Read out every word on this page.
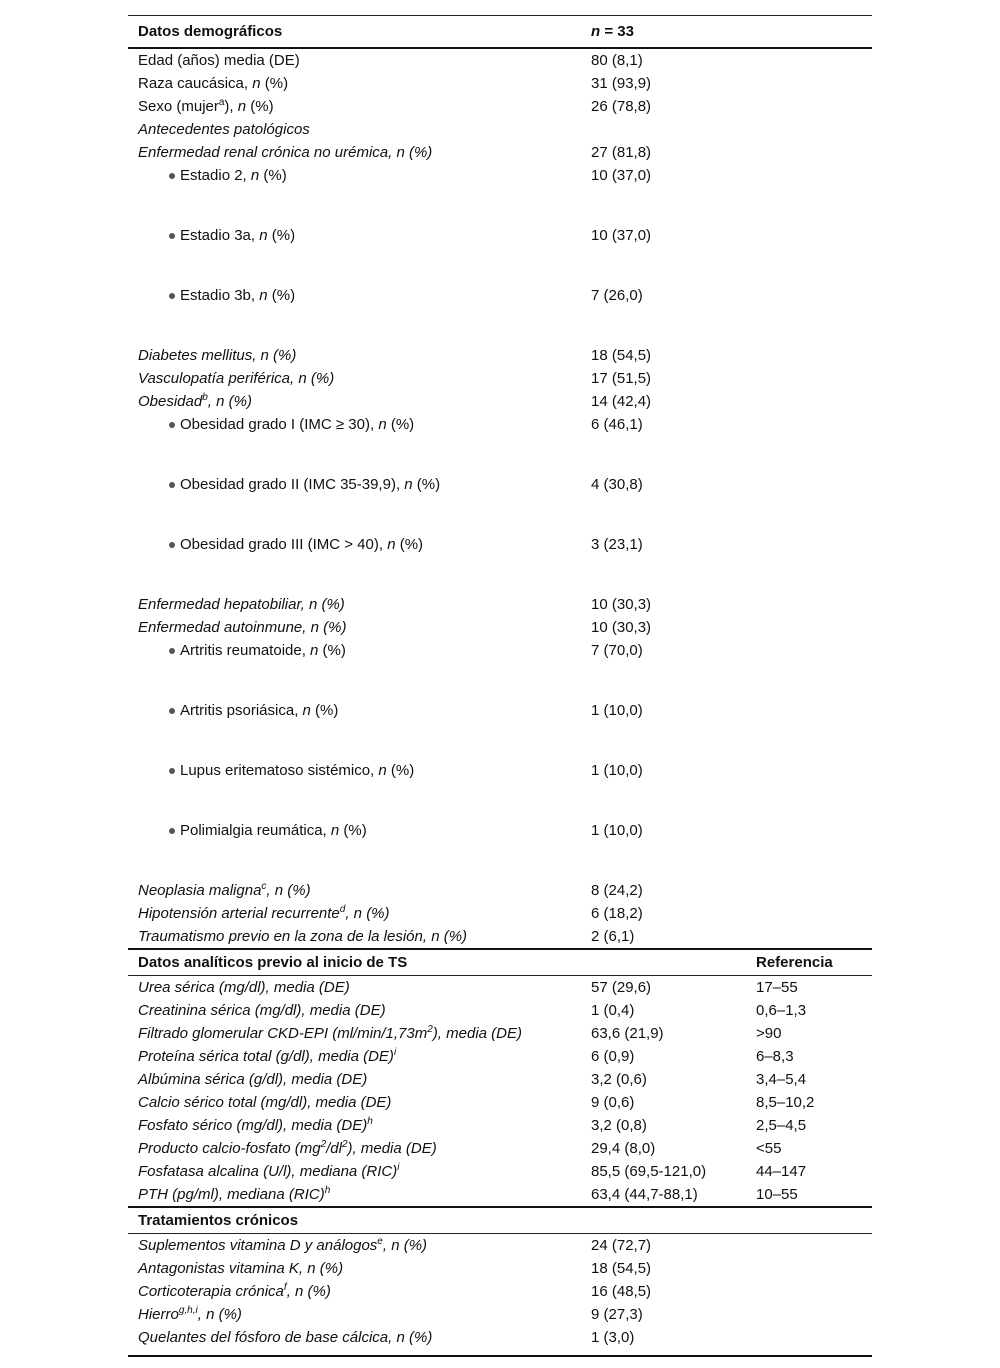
Datos demográficos	n = 33
Edad (años) media (DE)	80 (8,1)
Raza caucásica, n (%)	31 (93,9)
Sexo (mujer$^a$), n (%)	26 (78,8)
Antecedentes patológicos
Enfermedad renal crónica no urémica, n (%)	27 (81,8)
Estadio 2, n (%)	10 (37,0)
Estadio 3a, n (%)	10 (37,0)
Estadio 3b, n (%)	7 (26,0)
Diabetes mellitus, n (%)	18 (54,5)
Vasculopatía periférica, n (%)	17 (51,5)
Obesidad$^b$, n (%)	14 (42,4)
Obesidad grado I (IMC ≥ 30), n (%)	6 (46,1)
Obesidad grado II (IMC 35-39,9), n (%)	4 (30,8)
Obesidad grado III (IMC > 40), n (%)	3 (23,1)
Enfermedad hepatobiliar, n (%)	10 (30,3)
Enfermedad autoinmune, n (%)	10 (30,3)
Artritis reumatoide, n (%)	7 (70,0)
Artritis psoriásica, n (%)	1 (10,0)
Lupus eritematoso sistémico, n (%)	1 (10,0)
Polimialgia reumática, n (%)	1 (10,0)
Neoplasia maligna$^c$, n (%)	8 (24,2)
Hipotensión arterial recurrente$^d$, n (%)	6 (18,2)
Traumatismo previo en la zona de la lesión, n (%)	2 (6,1)
Datos analíticos previo al inicio de TS	Referencia
Urea sérica (mg/dl), media (DE)	57 (29,6)	17–55
Creatinina sérica (mg/dl), media (DE)	1 (0,4)	0,6–1,3
Filtrado glomerular CKD-EPI $(ml/\min/1,73m^2)$, media (DE)	63,6 (21,9)	>90
Proteína sérica total (g/dl), media (DE)$^i$	6 (0,9)	6–8,3
Albúmina sérica (g/dl), media (DE)	3,2 (0,6)	3,4–5,4
Calcio sérico total (mg/dl), media (DE)	9 (0,6)	8,5–10,2
Fosfato sérico (mg/dl), media (DE)$^h$	3,2 (0,8)	2,5–4,5
Producto calcio-fosfato $(mg^2/dl^2)$, media (DE)	29,4 (8,0)	<55
Fosfatasa alcalina (U/l), mediana (RIC)$^i$	85,5 (69,5-121,0)	44–147
PTH (pg/ml), mediana (RIC)$^h$	63,4 (44,7-88,1)	10–55
Tratamientos crónicos
Suplementos vitamina D y análogos$^e$, n (%)	24 (72,7)
Antagonistas vitamina K, n (%)	18 (54,5)
Corticoterapia crónica$^f$, n (%)	16 (48,5)
Hierro$^{g,h,i}$, n (%)	9 (27,3)
Quelantes del fósforo de base cálcica, n (%)	1 (3,0)
